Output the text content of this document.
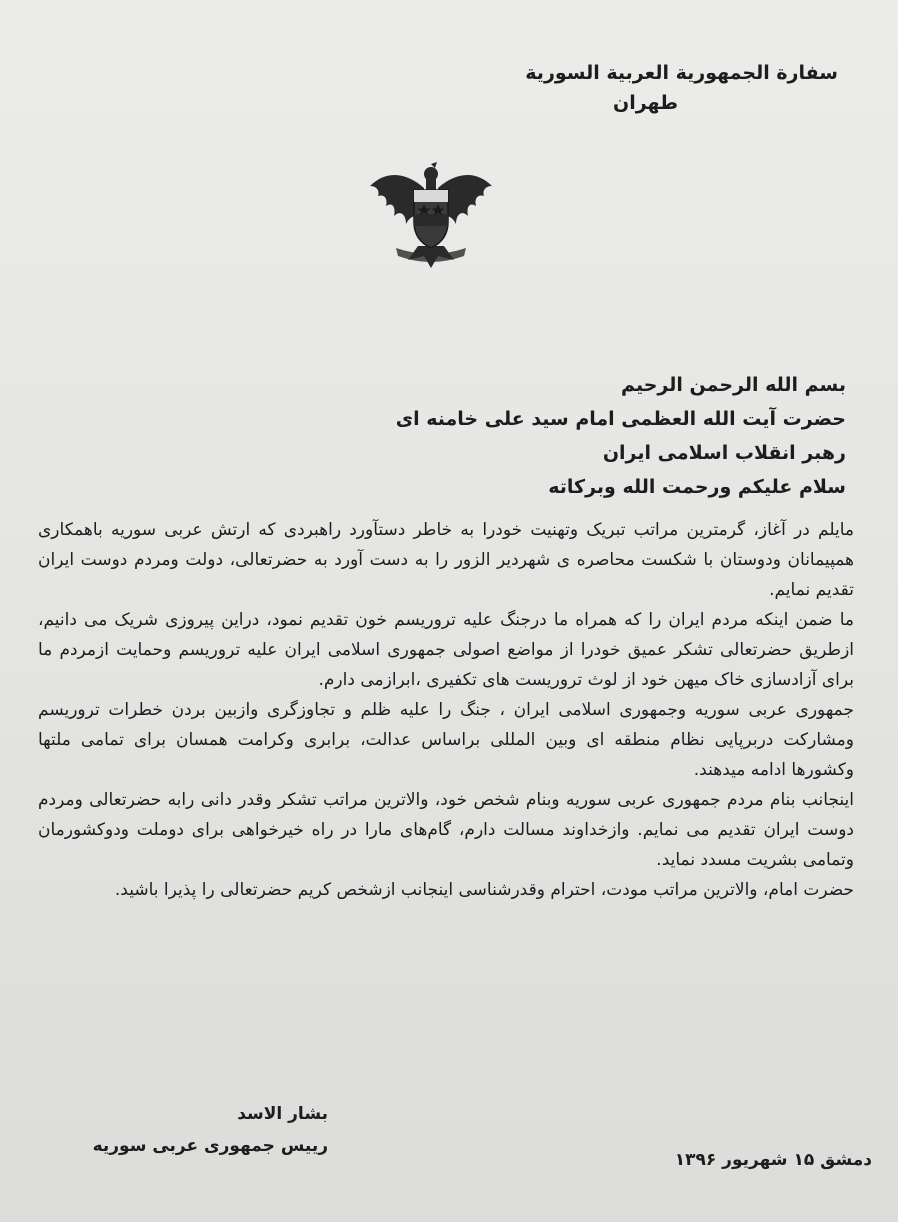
سفارة الجمهورية العربية السورية
طهران
بسم الله الرحمن الرحیم
حضرت آیت الله العظمی امام سید علی خامنه ای
رهبر انقلاب اسلامی ایران
سلام علیکم ورحمت الله وبرکاته

مایلم در آغاز، گرمترین مراتب تبریک وتهنیت خودرا به خاطر دستآورد راهبردی که ارتش عربی سوریه باهمکاری همپیمانان ودوستان با شکست محاصره ی شهردیر الزور را به دست آورد به حضرتعالی، دولت ومردم دوست ایران تقدیم نمایم.

ما ضمن اینکه مردم ایران را که همراه ما درجنگ علیه تروریسم خون تقدیم نمود، دراین پیروزی شریک می دانیم، ازطریق حضرتعالی تشکر عمیق خودرا از مواضع اصولی جمهوری اسلامی ایران علیه تروریسم وحمایت ازمردم ما برای آزادسازی خاک میهن خود از لوث تروریست های تکفیری ،ابرازمی دارم.

جمهوری عربی سوریه وجمهوری اسلامی ایران ، جنگ را علیه ظلم و تجاوزگری وازبین بردن خطرات تروریسم ومشارکت دربرپایی نظام منطقه ای وبین المللی براساس عدالت، برابری وکرامت همسان برای تمامی ملتها وکشورها ادامه میدهند.

اینجانب بنام مردم جمهوری عربی سوریه وبنام شخص خود، والاترین مراتب تشکر وقدر دانی رابه حضرتعالی ومردم دوست ایران تقدیم می نمایم. وازخداوند مسالت دارم، گام‌های مارا در راه خیرخواهی برای دوملت ودوکشورمان وتمامی بشریت مسدد نماید.

حضرت امام، والاترین مراتب مودت، احترام وقدرشناسی اینجانب ازشخص کریم حضرتعالی را پذیرا باشید.

بشار الاسد
رییس جمهوری عربی سوریه
دمشق ۱۵ شهریور ۱۳۹۶
